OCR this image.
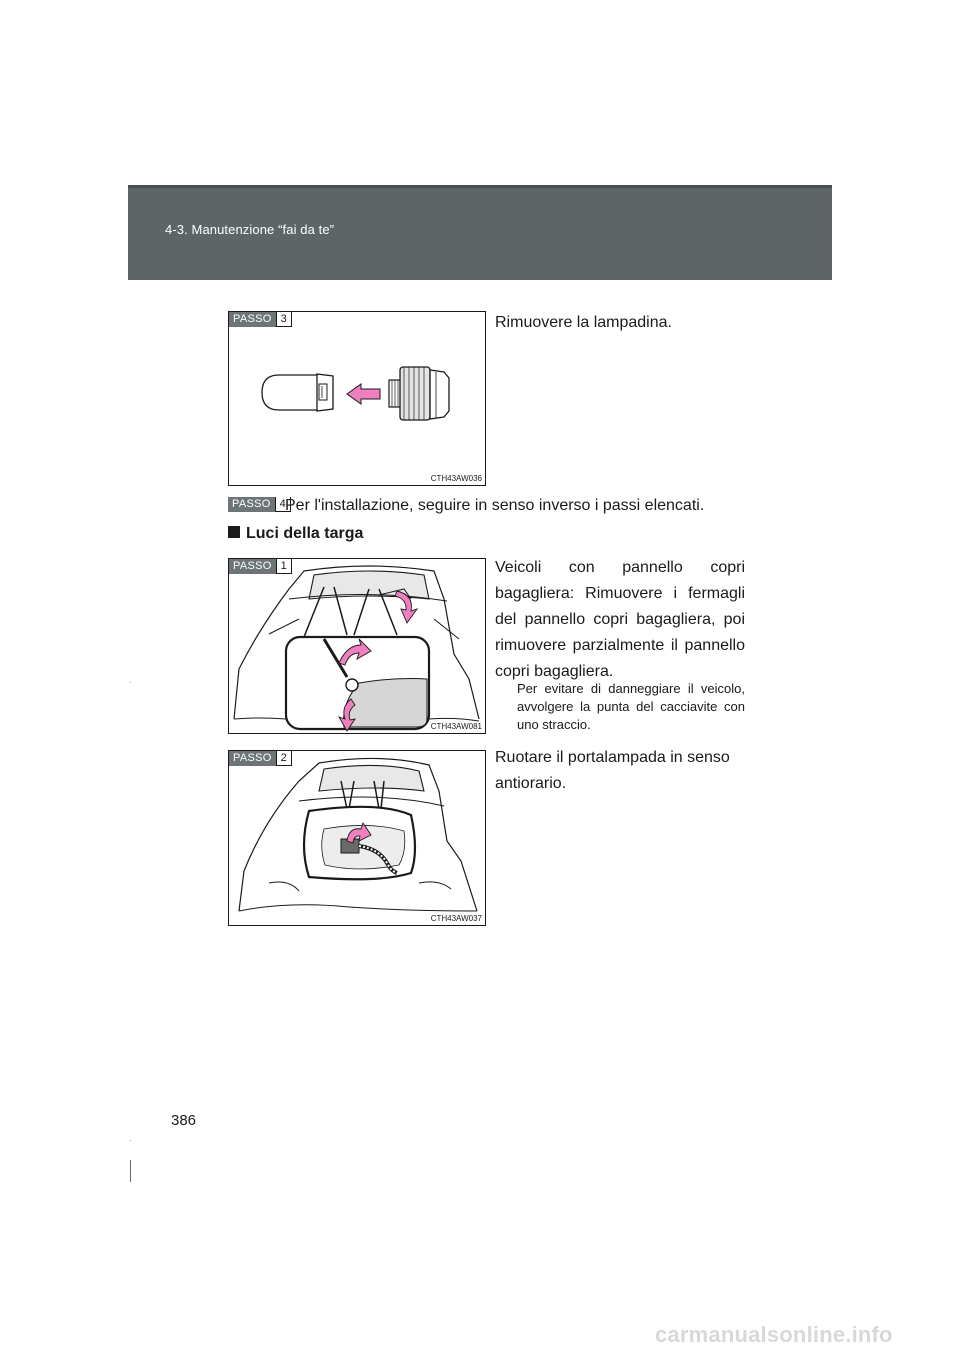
4-3. Manutenzione “fai da te”
PASSO 3
CTH43AW036
Rimuovere la lampadina.
PASSO 4 Per l'installazione, seguire in senso inverso i passi elencati.
Luci della targa
PASSO 1
CTH43AW081
Veicoli con pannello copri bagagliera: Rimuovere i fermagli del pannello copri bagagliera, poi rimuovere parzialmente il pannello copri bagagliera.
Per evitare di danneggiare il veicolo, avvolgere la punta del cacciavite con uno straccio.
PASSO 2
CTH43AW037
Ruotare il portalampada in senso antiorario.
386
carmanualsonline.info
